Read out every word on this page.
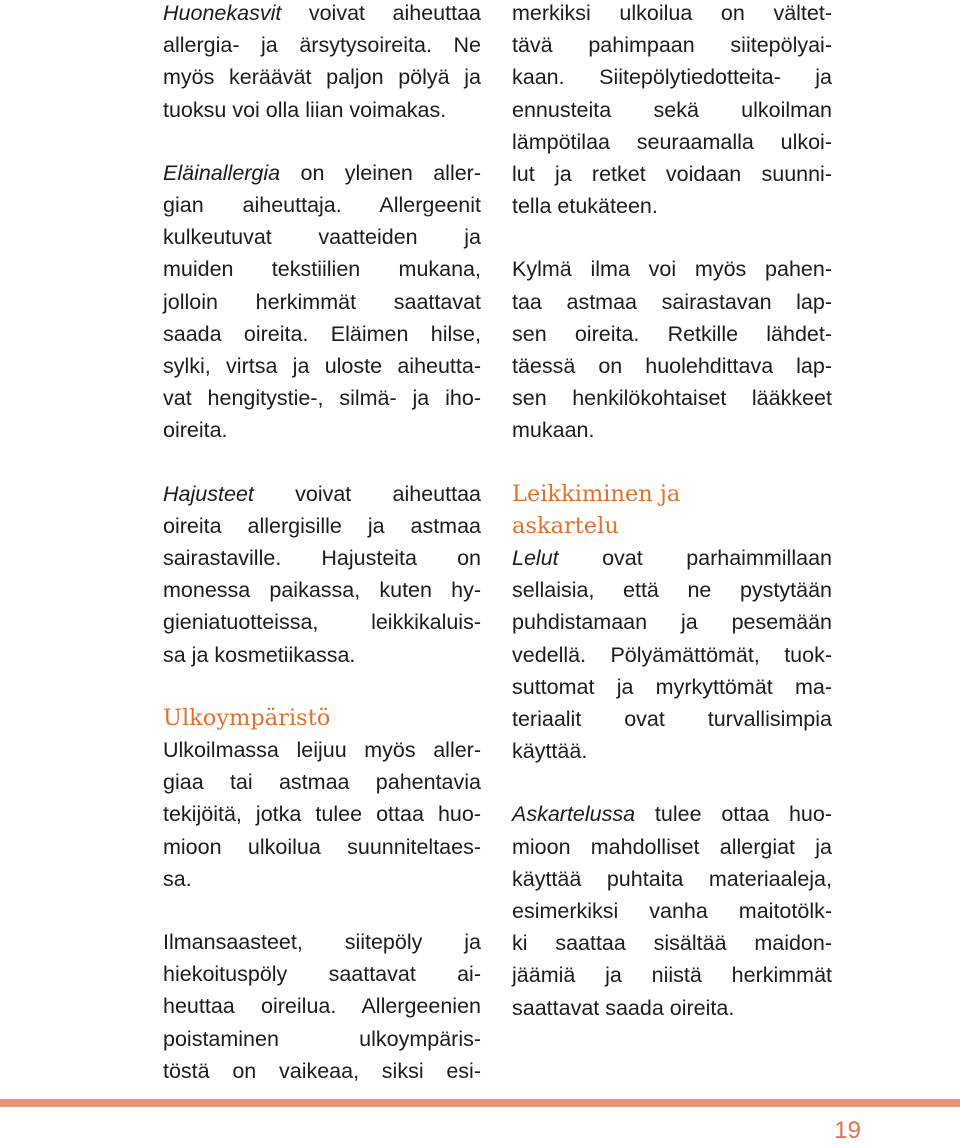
Huonekasvit voivat aiheuttaa
allergia- ja ärsytysoireita. Ne
myös keräävät paljon pölyä ja
tuoksu voi olla liian voimakas.
Eläinallergia on yleinen aller-
gian aiheuttaja. Allergeenit
kulkeutuvat vaatteiden ja
muiden tekstiilien mukana,
jolloin herkimmät saattavat
saada oireita. Eläimen hilse,
sylki, virtsa ja uloste aiheutta-
vat hengitystie-, silmä- ja iho-
oireita.
Hajusteet voivat aiheuttaa
oireita allergisille ja astmaa
sairastaville. Hajusteita on
monessa paikassa, kuten hy-
gieniatuotteissa, leikkikaluis-
sa ja kosmetiikassa.
Ulkoympäristö
Ulkoilmassa leijuu myös aller-
giaa tai astmaa pahentavia
tekijöitä, jotka tulee ottaa huo-
mioon ulkoilua suunniteltaes-
sa.
Ilmansaasteet, siitepöly ja
hiekoituspöly saattavat ai-
heuttaa oireilua. Allergeenien
poistaminen ulkoympäris-
töstä on vaikeaa, siksi esi-
merkiksi ulkoilua on vältet-
tävä pahimpaan siitepölyai-
kaan. Siitepölytiedotteita- ja
ennusteita sekä ulkoilman
lämpötilaa seuraamalla ulkoi-
lut ja retket voidaan suunni-
tella etukäteen.
Kylmä ilma voi myös pahen-
taa astmaa sairastavan lap-
sen oireita. Retkille lähdet-
täessä on huolehdittava lap-
sen henkilökohtaiset lääkkeet
mukaan.
Leikkiminen ja
askartelu
Lelut ovat parhaimmillaan
sellaisia, että ne pystytään
puhdistamaan ja pesemään
vedellä. Pölyämättömät, tuok-
suttomat ja myrkyttömät ma-
teriaalit ovat turvallisimpia
käyttää.
Askartelussa tulee ottaa huo-
mioon mahdolliset allergiat ja
käyttää puhtaita materiaaleja,
esimerkiksi vanha maitotölk-
ki saattaa sisältää maidon-
jäämiä ja niistä herkimmät
saattavat saada oireita.
19
